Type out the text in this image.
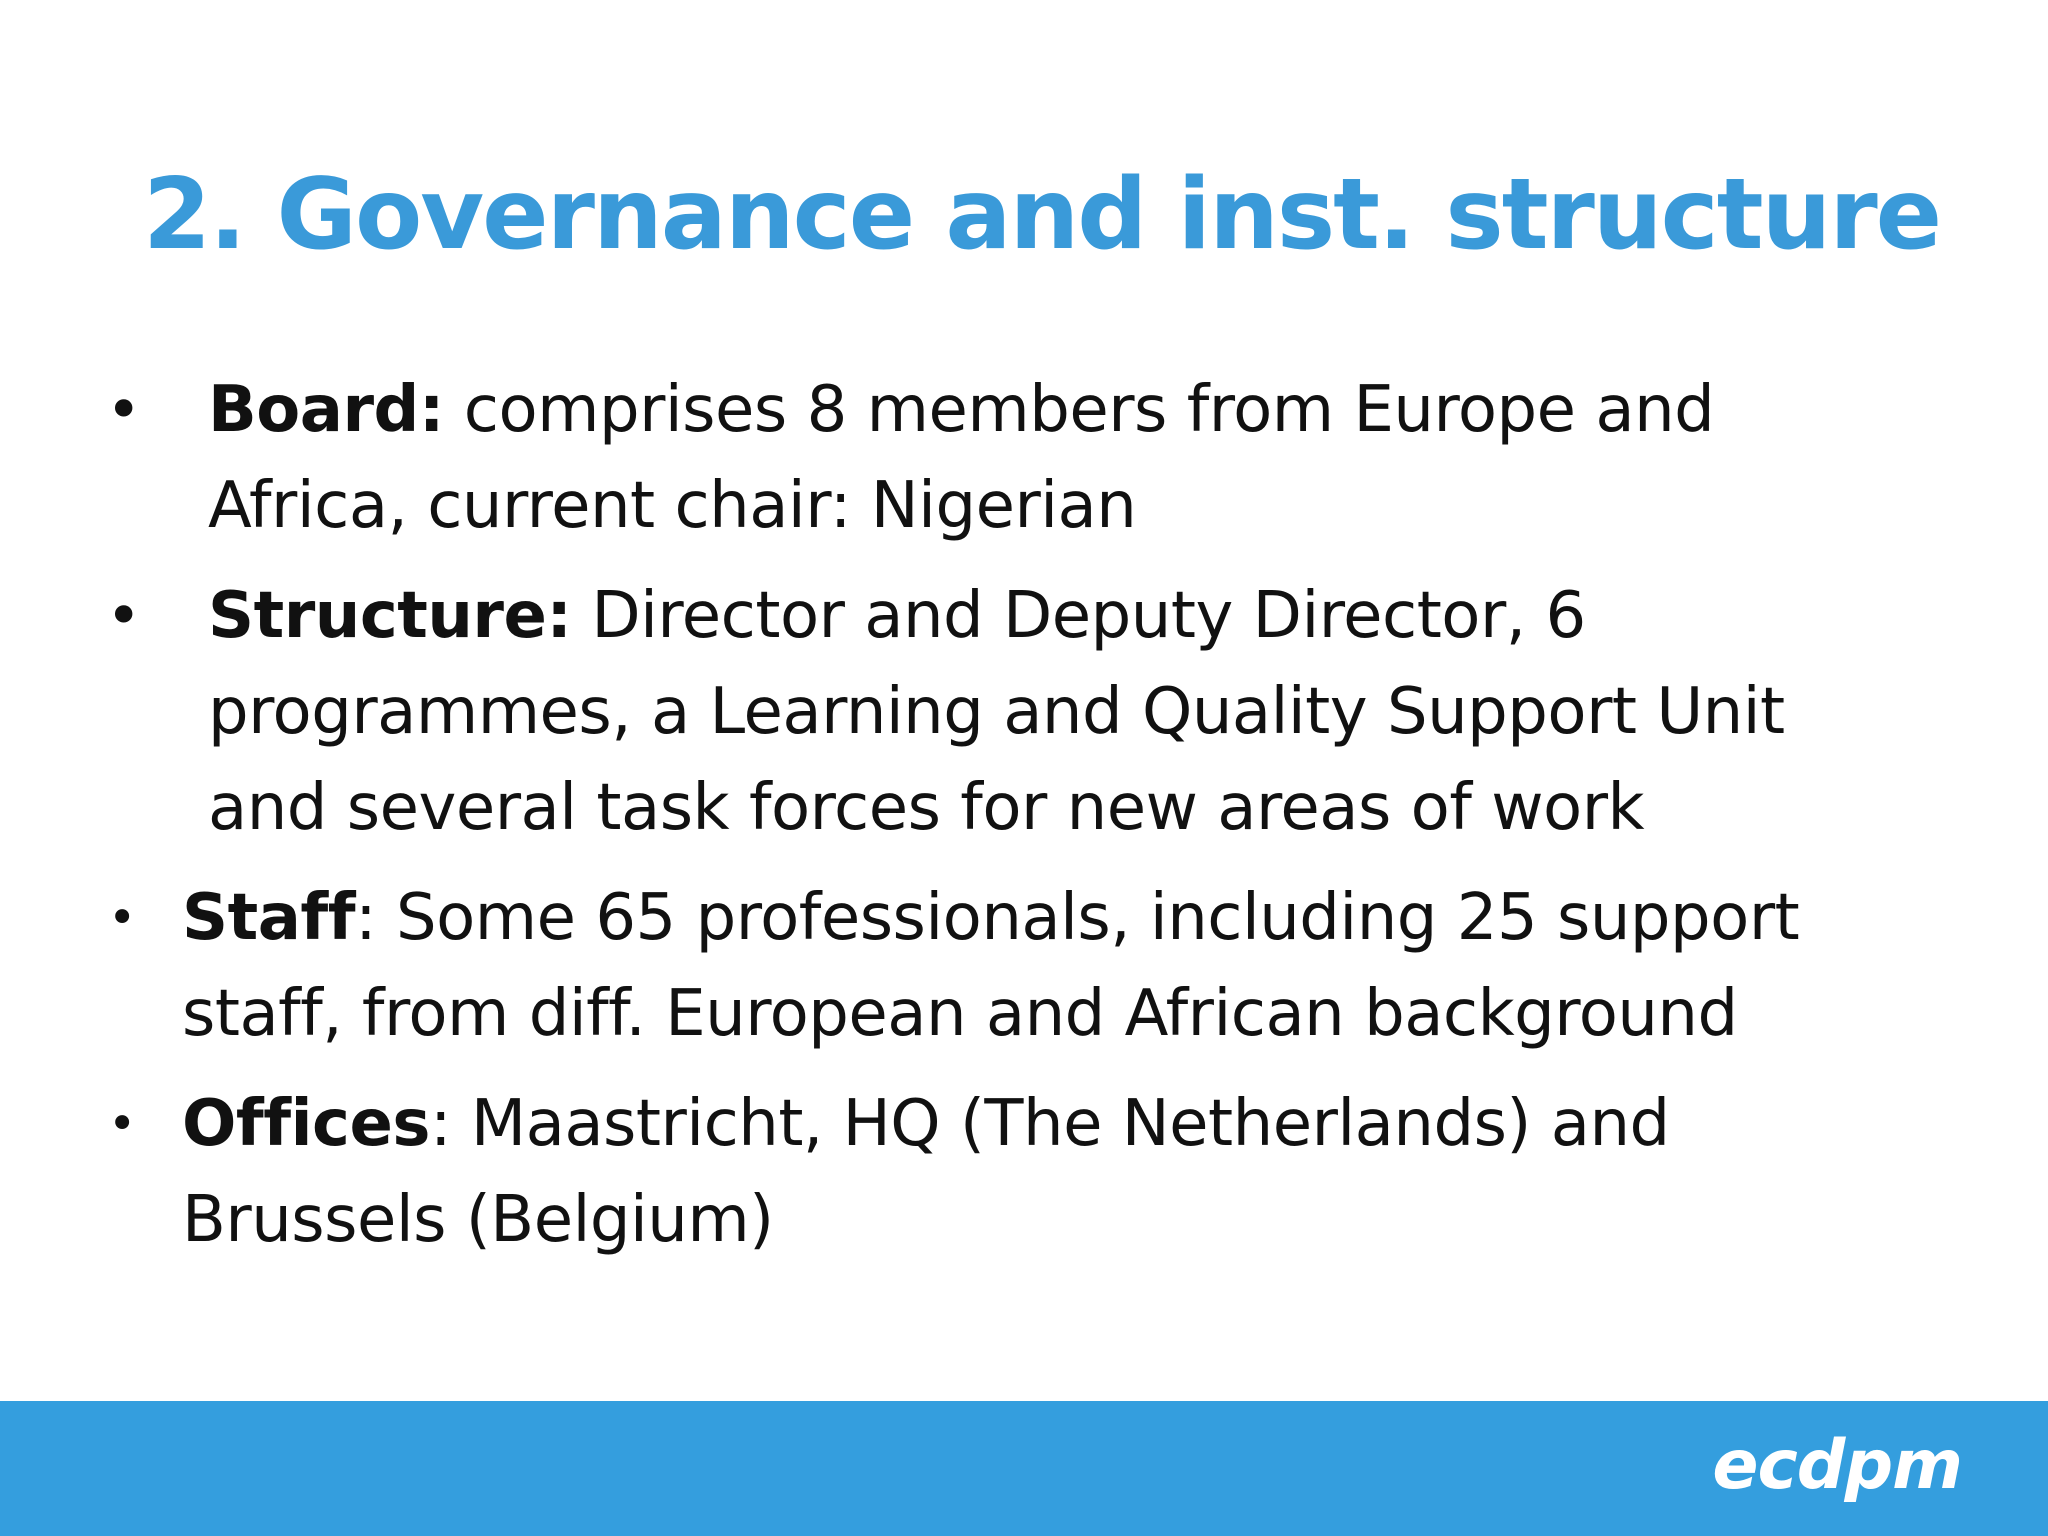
2. Governance and inst. structure
• Board: comprises 8 members from Europe and Africa, current chair: Nigerian
• Structure: Director and Deputy Director, 6 programmes, a Learning and Quality Support Unit and several task forces for new areas of work
• Staff: Some 65 professionals, including 25 support staff, from diff. European and African background
• Offices: Maastricht, HQ (The Netherlands) and Brussels (Belgium)
ecdpm
